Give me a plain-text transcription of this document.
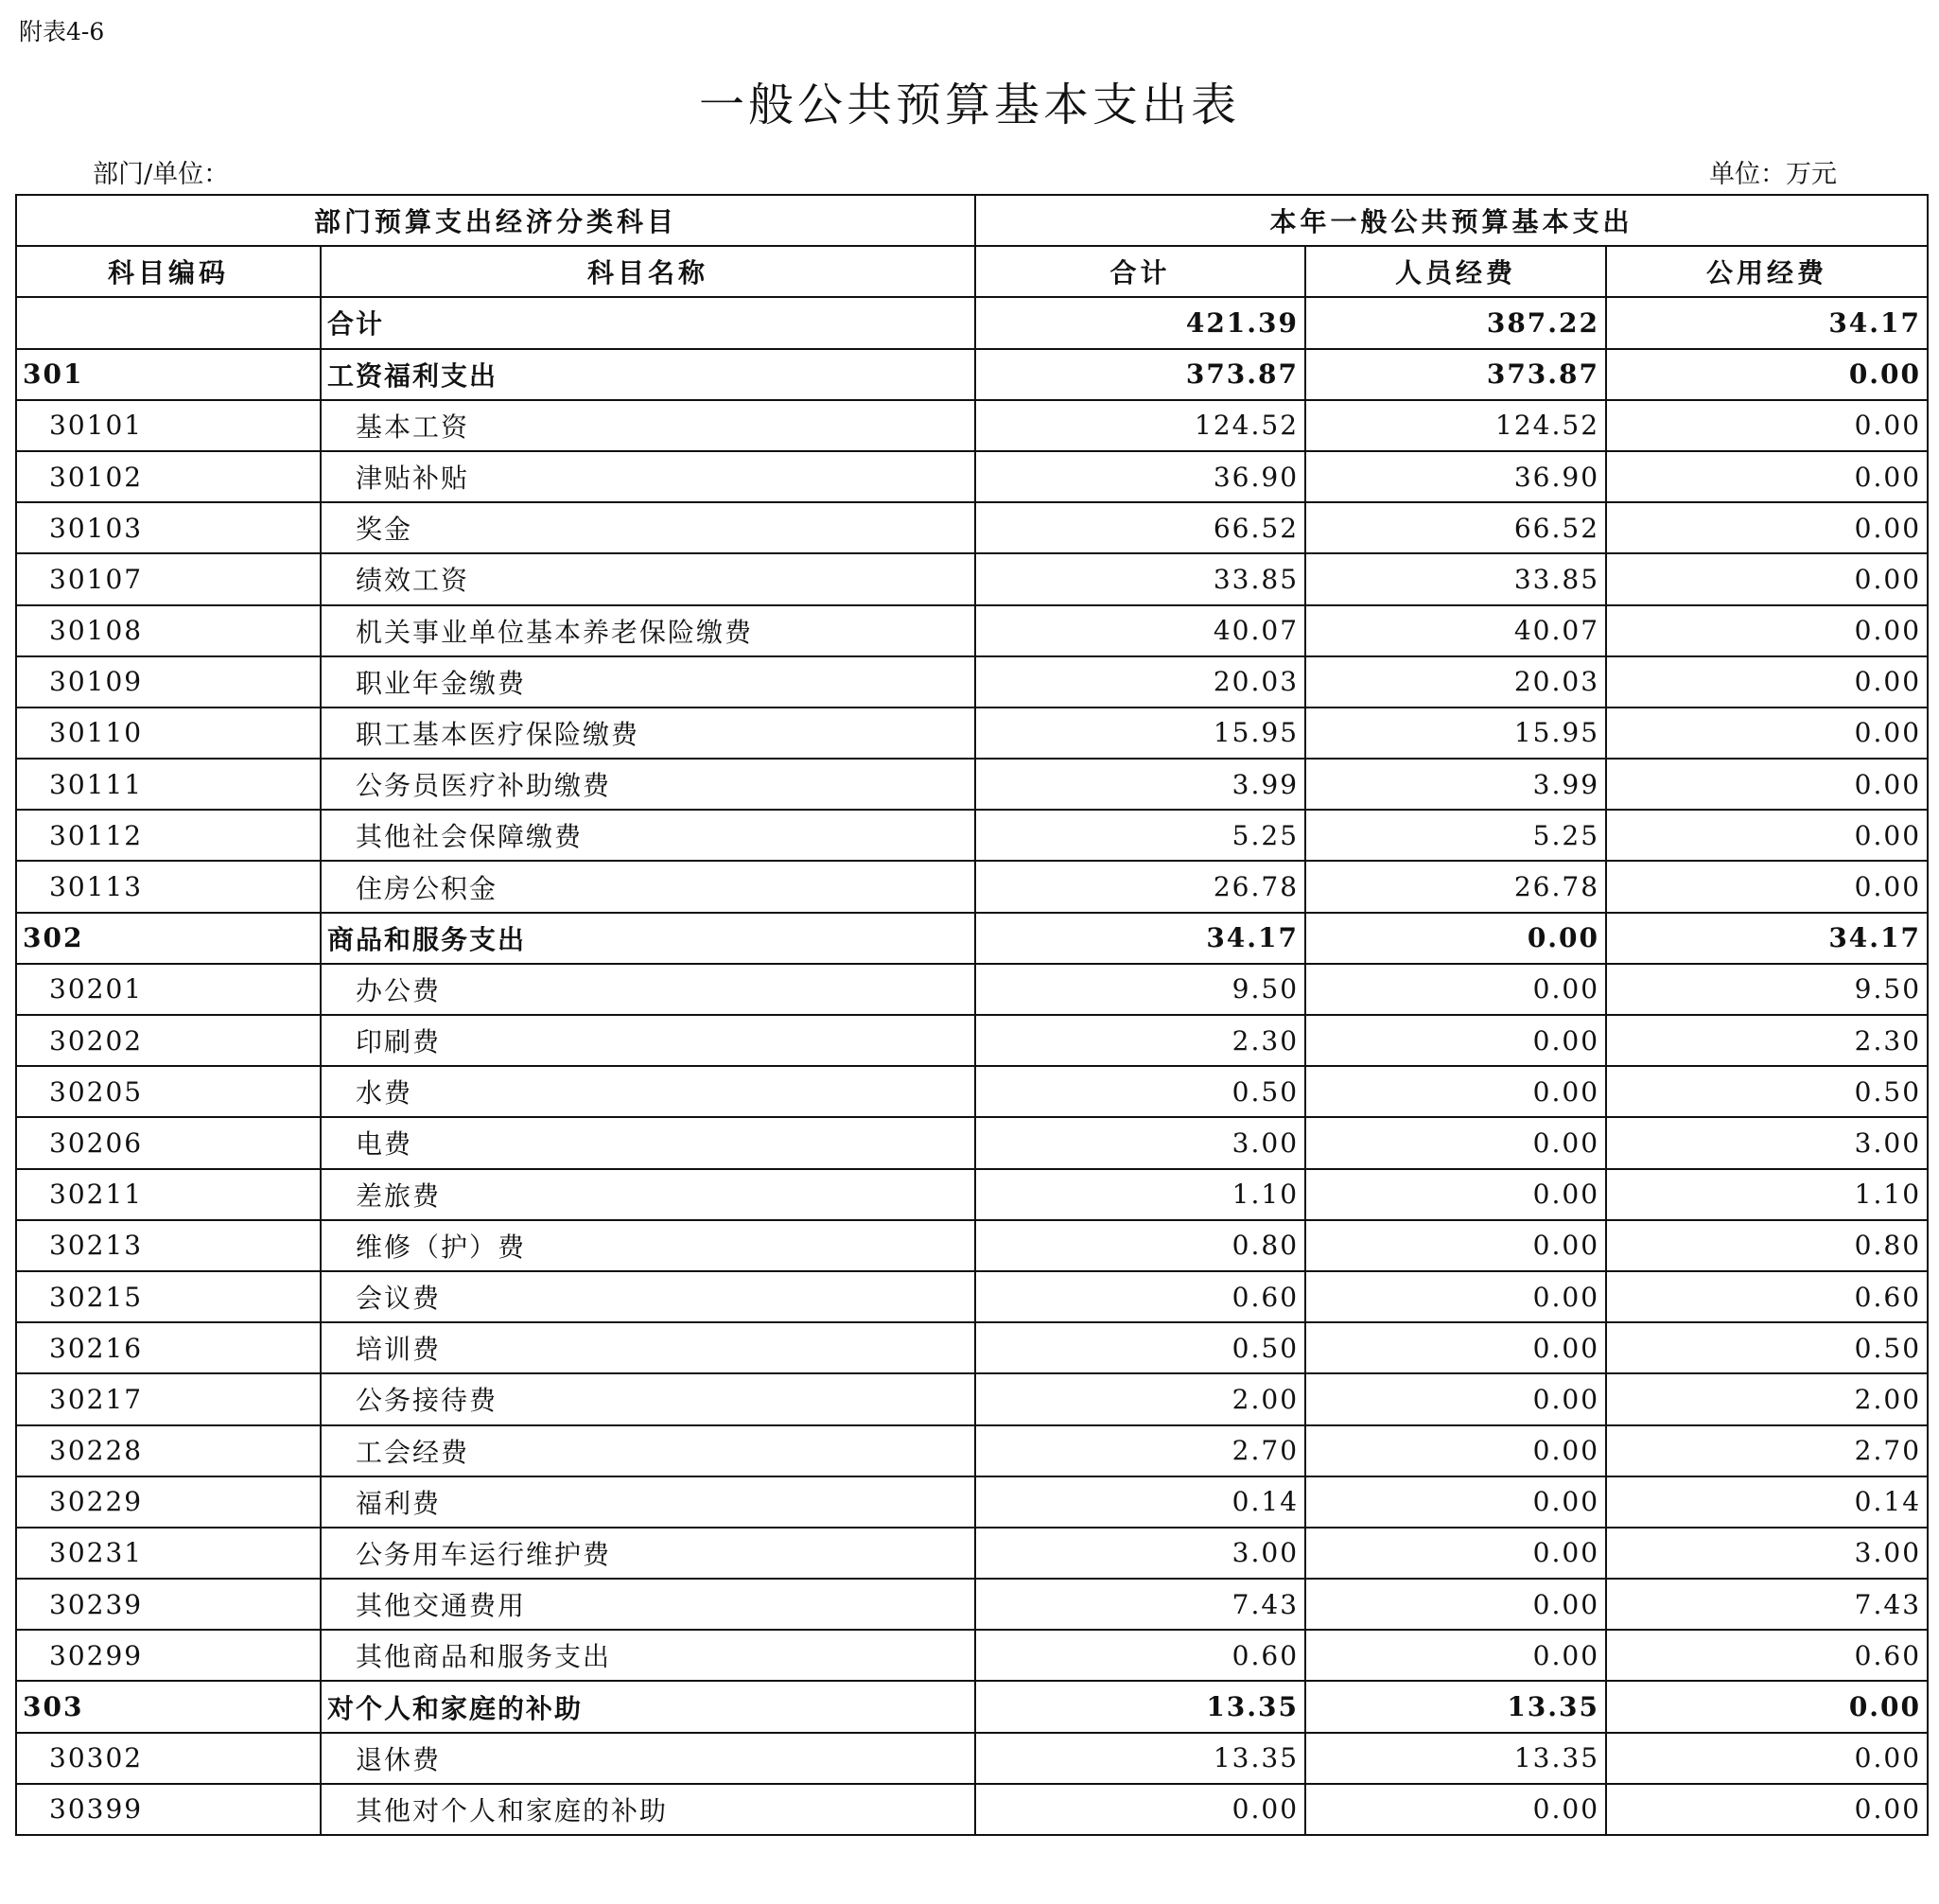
附表4-6
一般公共预算基本支出表
部门/单位：	单位：万元
部门预算支出经济分类科目		本年一般公共预算基本支出		
科目编码	科目名称	合计	人员经费	公用经费
	合计	421.39	387.22	34.17
301	工资福利支出	373.87	373.87	0.00
30101	基本工资	124.52	124.52	0.00
30102	津贴补贴	36.90	36.90	0.00
30103	奖金	66.52	66.52	0.00
30107	绩效工资	33.85	33.85	0.00
30108	机关事业单位基本养老保险缴费	40.07	40.07	0.00
30109	职业年金缴费	20.03	20.03	0.00
30110	职工基本医疗保险缴费	15.95	15.95	0.00
30111	公务员医疗补助缴费	3.99	3.99	0.00
30112	其他社会保障缴费	5.25	5.25	0.00
30113	住房公积金	26.78	26.78	0.00
302	商品和服务支出	34.17	0.00	34.17
30201	办公费	9.50	0.00	9.50
30202	印刷费	2.30	0.00	2.30
30205	水费	0.50	0.00	0.50
30206	电费	3.00	0.00	3.00
30211	差旅费	1.10	0.00	1.10
30213	维修（护）费	0.80	0.00	0.80
30215	会议费	0.60	0.00	0.60
30216	培训费	0.50	0.00	0.50
30217	公务接待费	2.00	0.00	2.00
30228	工会经费	2.70	0.00	2.70
30229	福利费	0.14	0.00	0.14
30231	公务用车运行维护费	3.00	0.00	3.00
30239	其他交通费用	7.43	0.00	7.43
30299	其他商品和服务支出	0.60	0.00	0.60
303	对个人和家庭的补助	13.35	13.35	0.00
30302	退休费	13.35	13.35	0.00
30399	其他对个人和家庭的补助	0.00	0.00	0.00
